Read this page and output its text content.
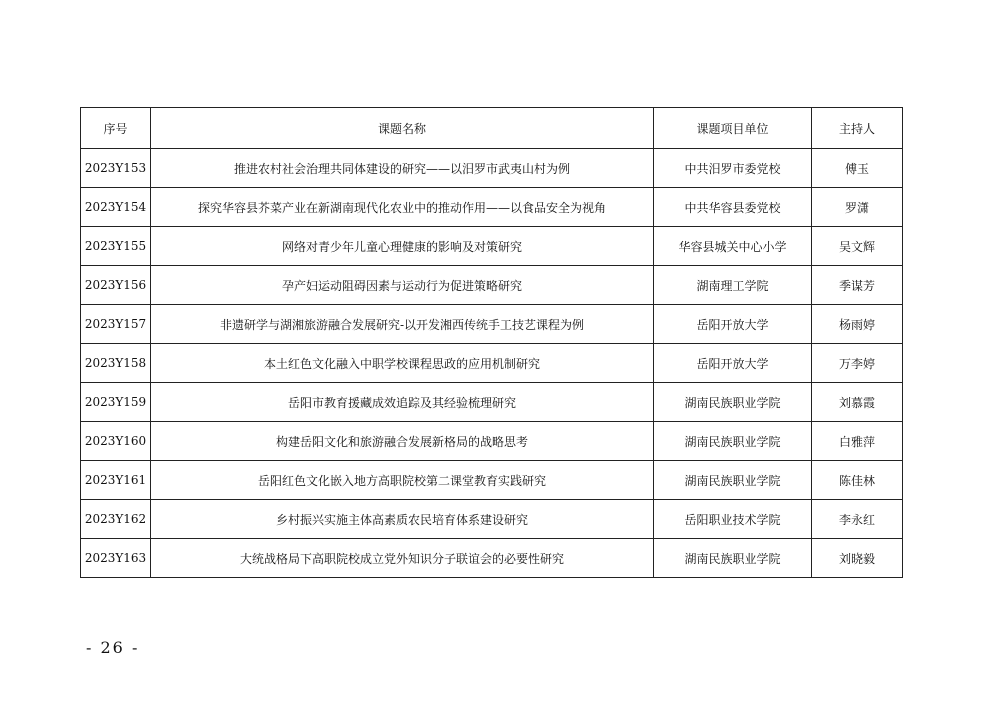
序号	课题名称	课题项目单位	主持人
2023Y153	推进农村社会治理共同体建设的研究——以汨罗市武夷山村为例	中共汨罗市委党校	傅玉
2023Y154	探究华容县芥菜产业在新湖南现代化农业中的推动作用——以食品安全为视角	中共华容县委党校	罗潇
2023Y155	网络对青少年儿童心理健康的影响及对策研究	华容县城关中心小学	吴文辉
2023Y156	孕产妇运动阻碍因素与运动行为促进策略研究	湖南理工学院	季谋芳
2023Y157	非遗研学与湖湘旅游融合发展研究-以开发湘西传统手工技艺课程为例	岳阳开放大学	杨雨婷
2023Y158	本土红色文化融入中职学校课程思政的应用机制研究	岳阳开放大学	万李婷
2023Y159	岳阳市教育援藏成效追踪及其经验梳理研究	湖南民族职业学院	刘慕霞
2023Y160	构建岳阳文化和旅游融合发展新格局的战略思考	湖南民族职业学院	白雅萍
2023Y161	岳阳红色文化嵌入地方高职院校第二课堂教育实践研究	湖南民族职业学院	陈佳林
2023Y162	乡村振兴实施主体高素质农民培育体系建设研究	岳阳职业技术学院	李永红
2023Y163	大统战格局下高职院校成立党外知识分子联谊会的必要性研究	湖南民族职业学院	刘晓毅
- 26 -
